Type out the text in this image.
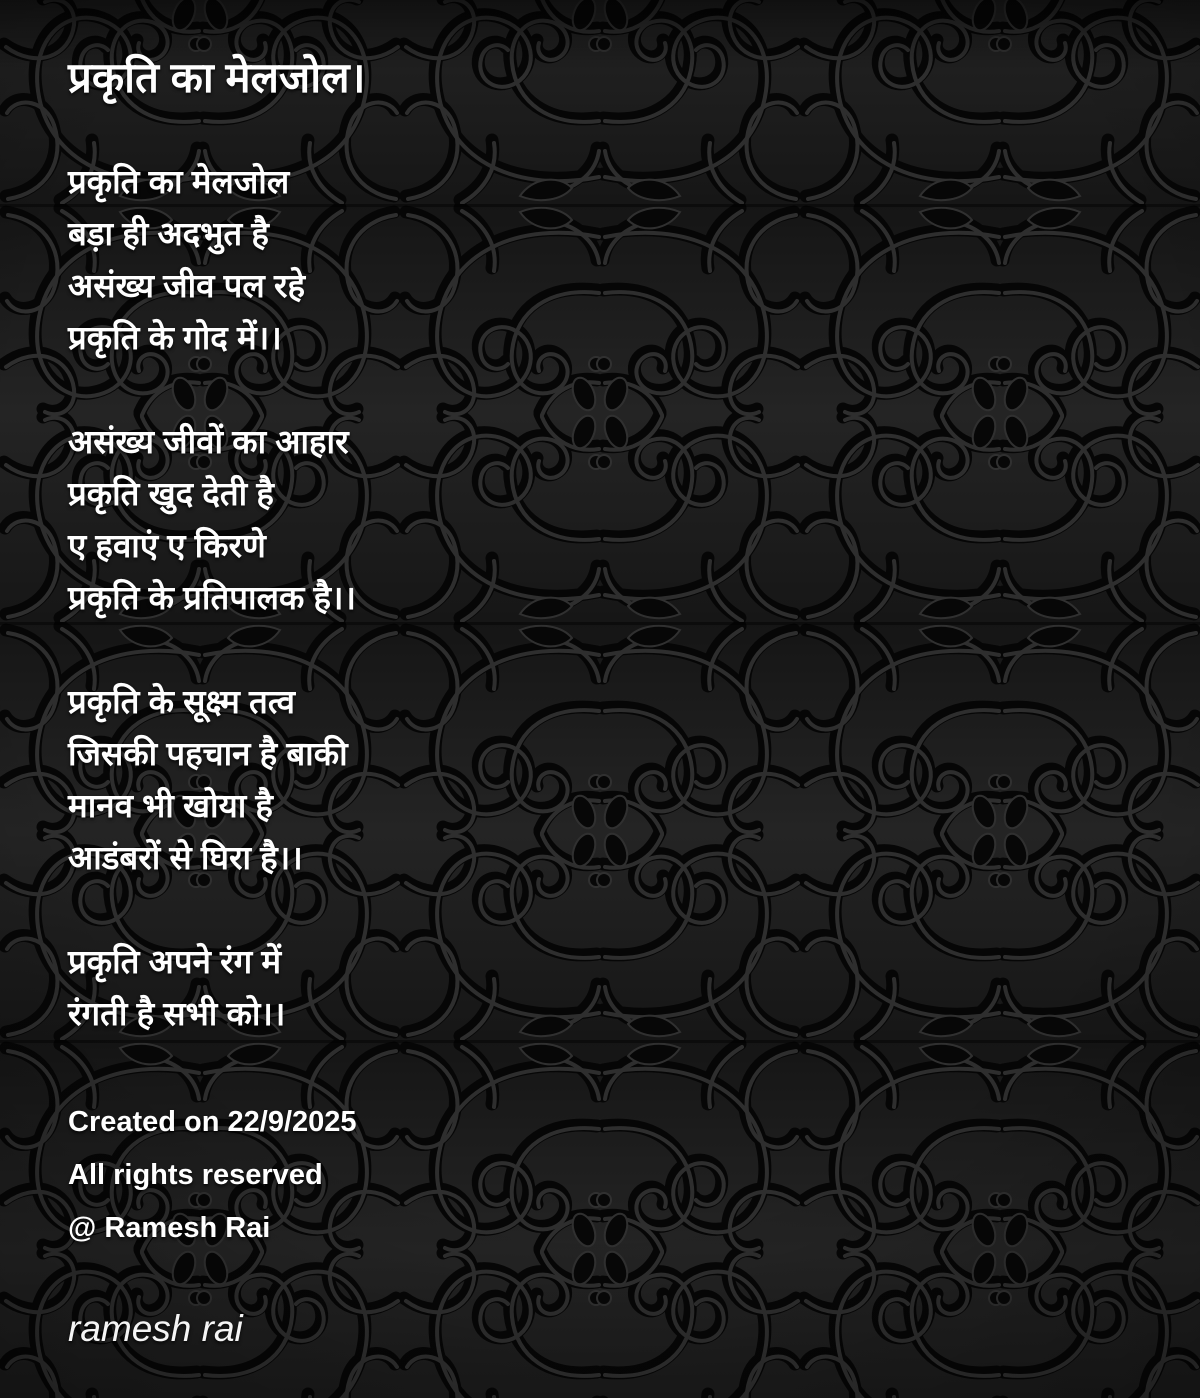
प्रकृति का मेलजोल।
प्रकृति का मेलजोल
बड़ा ही अदभुत है
असंख्य जीव पल रहे
प्रकृति के गोद में।।
असंख्य जीवों का आहार
प्रकृति खुद देती है
ए हवाएं ए किरणे
प्रकृति के प्रतिपालक है।।
प्रकृति के सूक्ष्म तत्व
जिसकी पहचान है बाकी
मानव भी खोया है
आडंबरों से घिरा है।।
प्रकृति अपने रंग में
रंगती है सभी को।।
Created on 22/9/2025
All rights reserved
@ Ramesh Rai
ramesh rai
